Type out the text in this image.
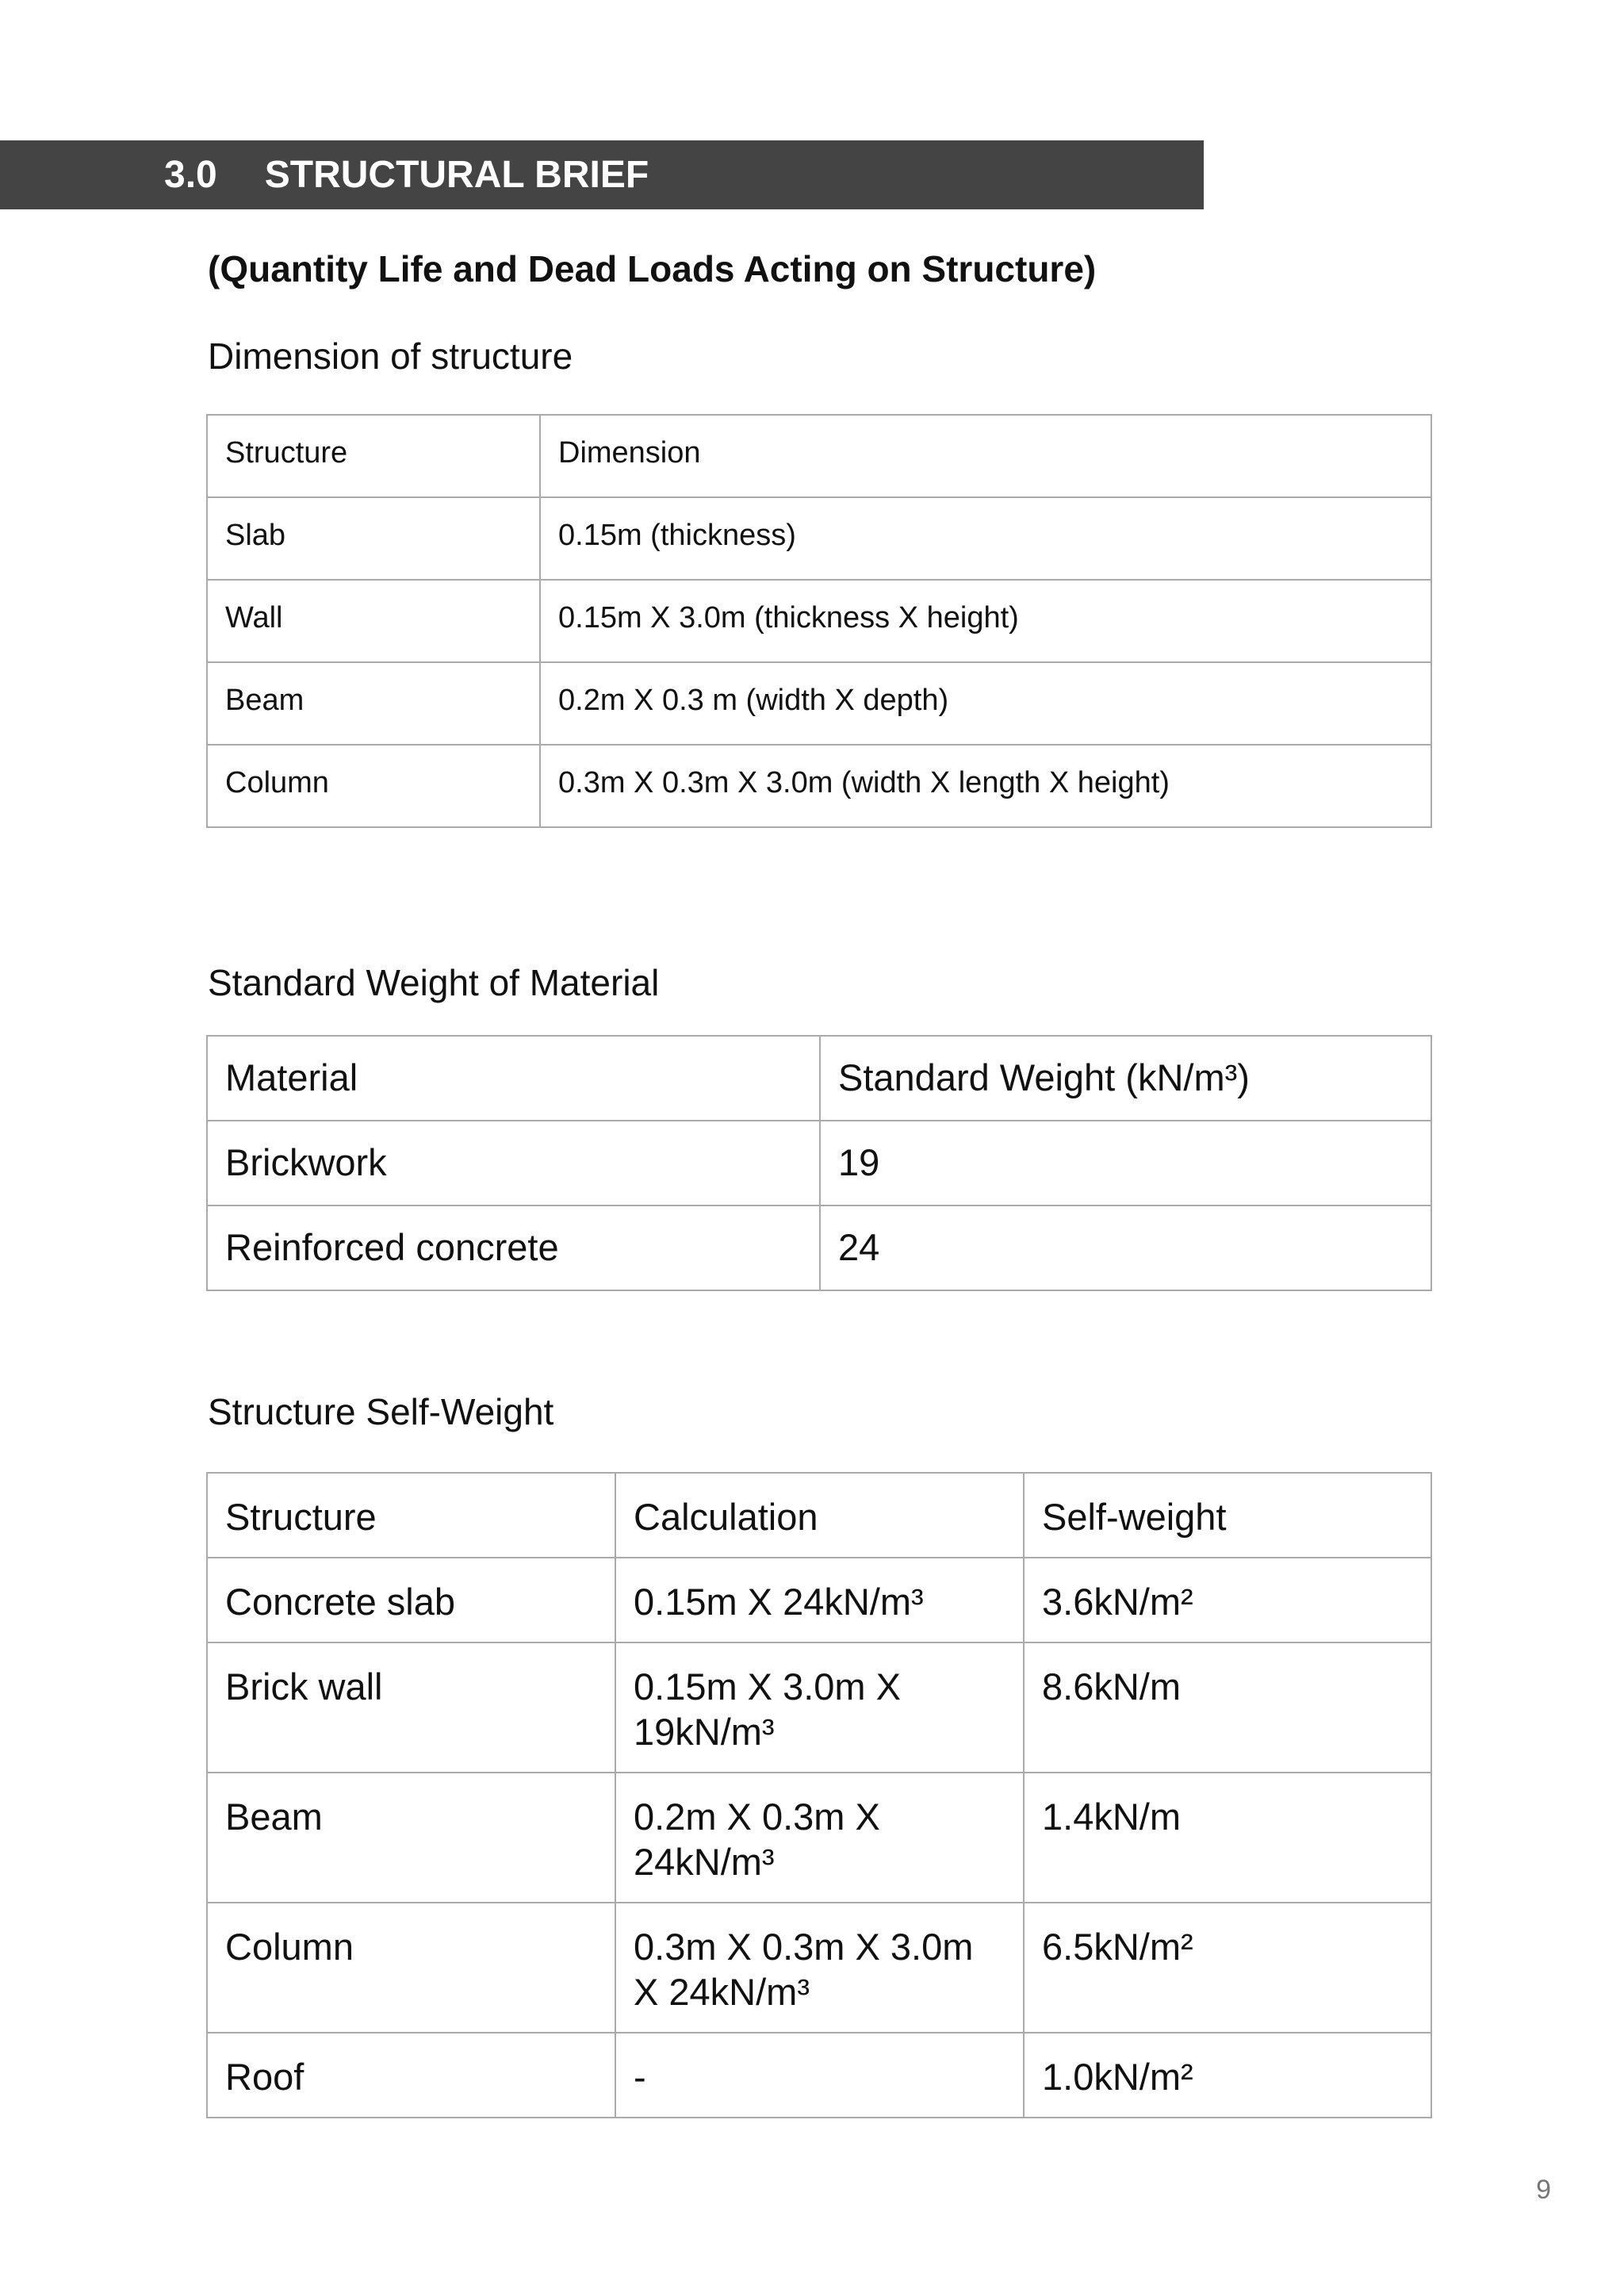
3.0 STRUCTURAL BRIEF
(Quantity Life and Dead Loads Acting on Structure)
Dimension of structure
Structure	Dimension
Slab	0.15m (thickness)
Wall	0.15m X 3.0m (thickness X height)
Beam	0.2m X 0.3 m (width X depth)
Column	0.3m X 0.3m X 3.0m (width X length X height)
Standard Weight of Material
Material	Standard Weight (kN/m³)
Brickwork	19
Reinforced concrete	24
Structure Self-Weight
Structure	Calculation	Self-weight
Concrete slab	0.15m X 24kN/m³	3.6kN/m²
Brick wall	0.15m X 3.0m X 19kN/m³	8.6kN/m
Beam	0.2m X 0.3m X 24kN/m³	1.4kN/m
Column	0.3m X 0.3m X 3.0m X 24kN/m³	6.5kN/m²
Roof	-	1.0kN/m²
9
